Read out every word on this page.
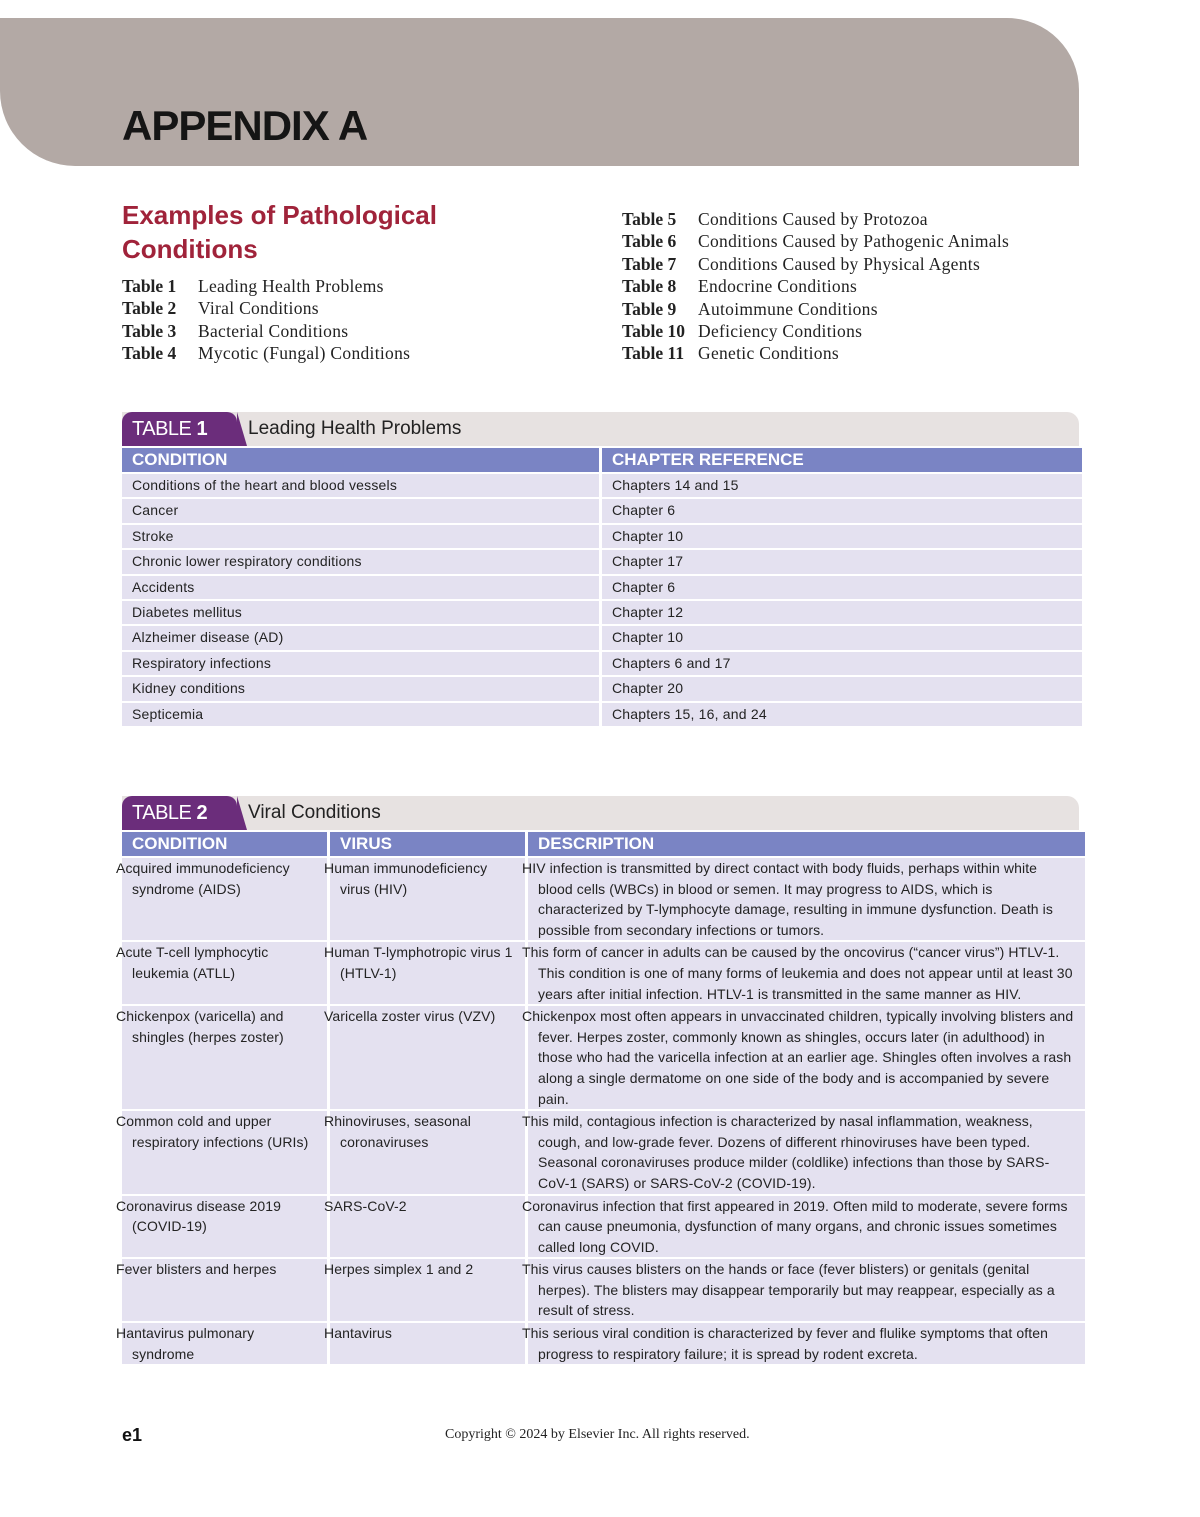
APPENDIX A
Examples of Pathological Conditions
Table 1 Leading Health Problems
Table 2 Viral Conditions
Table 3 Bacterial Conditions
Table 4 Mycotic (Fungal) Conditions
Table 5 Conditions Caused by Protozoa
Table 6 Conditions Caused by Pathogenic Animals
Table 7 Conditions Caused by Physical Agents
Table 8 Endocrine Conditions
Table 9 Autoimmune Conditions
Table 10 Deficiency Conditions
Table 11 Genetic Conditions
TABLE 1 Leading Health Problems
CONDITION	CHAPTER REFERENCE
Conditions of the heart and blood vessels	Chapters 14 and 15
Cancer	Chapter 6
Stroke	Chapter 10
Chronic lower respiratory conditions	Chapter 17
Accidents	Chapter 6
Diabetes mellitus	Chapter 12
Alzheimer disease (AD)	Chapter 10
Respiratory infections	Chapters 6 and 17
Kidney conditions	Chapter 20
Septicemia	Chapters 15, 16, and 24
TABLE 2 Viral Conditions
CONDITION	VIRUS	DESCRIPTION
Acquired immunodeficiency syndrome (AIDS)	Human immunodeficiency virus (HIV)	HIV infection is transmitted by direct contact with body fluids, perhaps within white blood cells (WBCs) in blood or semen. It may progress to AIDS, which is characterized by T-lymphocyte damage, resulting in immune dysfunction. Death is possible from secondary infections or tumors.
Acute T-cell lymphocytic leukemia (ATLL)	Human T-lymphotropic virus 1 (HTLV-1)	This form of cancer in adults can be caused by the oncovirus (“cancer virus”) HTLV-1. This condition is one of many forms of leukemia and does not appear until at least 30 years after initial infection. HTLV-1 is transmitted in the same manner as HIV.
Chickenpox (varicella) and shingles (herpes zoster)	Varicella zoster virus (VZV)	Chickenpox most often appears in unvaccinated children, typically involving blisters and fever. Herpes zoster, commonly known as shingles, occurs later (in adulthood) in those who had the varicella infection at an earlier age. Shingles often involves a rash along a single dermatome on one side of the body and is accompanied by severe pain.
Common cold and upper respiratory infections (URIs)	Rhinoviruses, seasonal coronaviruses	This mild, contagious infection is characterized by nasal inflammation, weakness, cough, and low-grade fever. Dozens of different rhinoviruses have been typed. Seasonal coronaviruses produce milder (coldlike) infections than those by SARS-CoV-1 (SARS) or SARS-CoV-2 (COVID-19).
Coronavirus disease 2019 (COVID-19)	SARS-CoV-2	Coronavirus infection that first appeared in 2019. Often mild to moderate, severe forms can cause pneumonia, dysfunction of many organs, and chronic issues sometimes called long COVID.
Fever blisters and herpes	Herpes simplex 1 and 2	This virus causes blisters on the hands or face (fever blisters) or genitals (genital herpes). The blisters may disappear temporarily but may reappear, especially as a result of stress.
Hantavirus pulmonary syndrome	Hantavirus	This serious viral condition is characterized by fever and flulike symptoms that often progress to respiratory failure; it is spread by rodent excreta.
e1	Copyright © 2024 by Elsevier Inc. All rights reserved.
